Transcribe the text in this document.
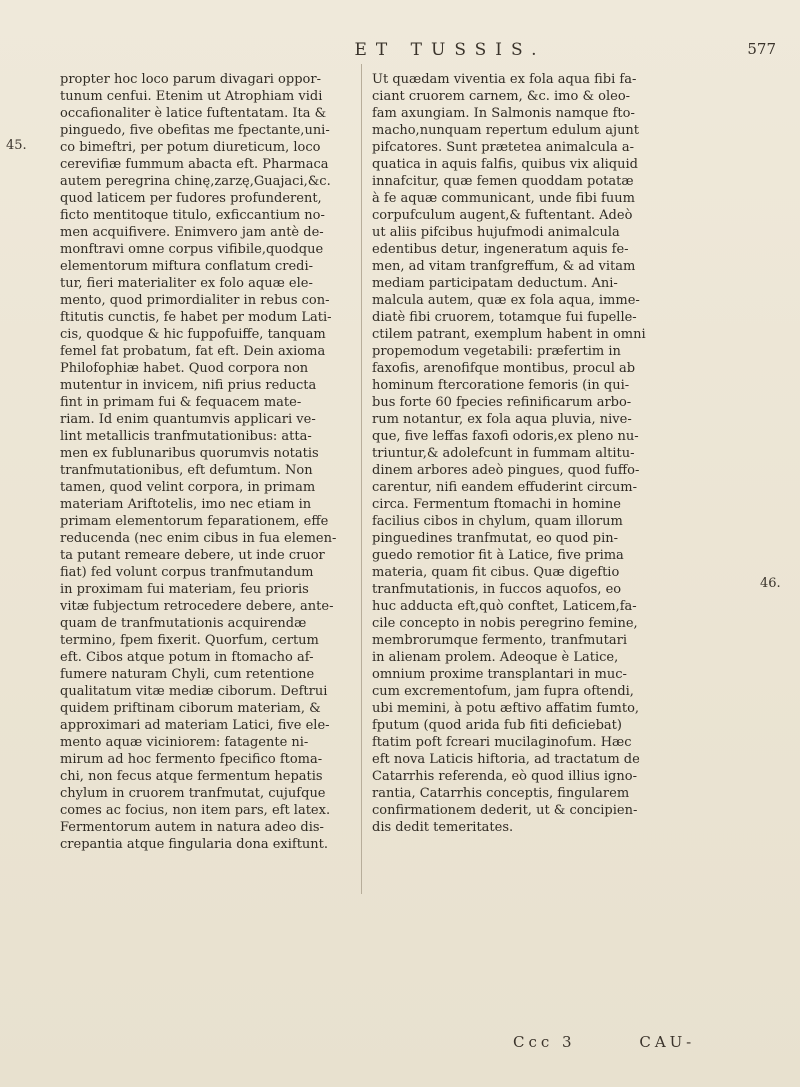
ET TUSSIS.	577
45.
46.

propter hoc loco parum divagari oppor-

tunum cenfui. Etenim ut Atrophiam vidi

occafionaliter è latice fuftentatam. Ita &

pinguedo, five obefitas me fpectante,uni-

co bimeftri, per potum diureticum, loco

cerevifiæ fummum abacta eft. Pharmaca

autem peregrina chinę,zarzę,Guajaci,&c.

quod laticem per fudores profunderent,

ficto mentitoque titulo, exficcantium no-

men acquifivere. Enimvero jam antè de-

monftravi omne corpus vifibile,quodque

elementorum miftura conflatum credi-

tur, fieri materialiter ex folo aquæ ele-

mento, quod primordialiter in rebus con-

ftitutis cunctis, fe habet per modum Lati-

cis, quodque & hic fuppofuiffe, tanquam

femel fat probatum, fat eft. Dein axioma

Philofophiæ habet. Quod corpora non

mutentur in invicem, nifi prius reducta

fint in primam fui & fequacem mate-

riam. Id enim quantumvis applicari ve-

lint metallicis tranfmutationibus: atta-

men ex fublunaribus quorumvis notatis

tranfmutationibus, eft defumtum. Non

tamen, quod velint corpora, in primam

materiam Ariftotelis, imo nec etiam in

primam elementorum feparationem, effe

reducenda (nec enim cibus in fua elemen-

ta putant remeare debere, ut inde cruor

fiat) fed volunt corpus tranfmutandum

in proximam fui materiam, feu prioris

vitæ fubjectum retrocedere debere, ante-

quam de tranfmutationis acquirendæ

termino, fpem fixerit. Quorfum, certum

eft. Cibos atque potum in ftomacho af-

fumere naturam Chyli, cum retentione

qualitatum vitæ mediæ ciborum. Deftrui

quidem priftinam ciborum materiam, &

approximari ad materiam Latici, five ele-

mento aquæ viciniorem: fatagente ni-

mirum ad hoc fermento fpecifico ftoma-

chi, non fecus atque fermentum hepatis

chylum in cruorem tranfmutat, cujufque

comes ac focius, non item pars, eft latex.

Fermentorum autem in natura adeo dis-

crepantia atque fingularia dona exiftunt.

Ut quædam viventia ex fola aqua fibi fa-

ciant cruorem carnem, &c. imo & oleo-

fam axungiam. In Salmonis namque fto-

macho,nunquam repertum edulum ajunt

pifcatores. Sunt prætetea animalcula a-

quatica in aquis falfis, quibus vix aliquid

innafcitur, quæ femen quoddam potatæ

à fe aquæ communicant, unde fibi fuum

corpufculum augent,& fuftentant. Adeò

ut aliis pifcibus hujufmodi animalcula

edentibus detur, ingeneratum aquis fe-

men, ad vitam tranfgreffum, & ad vitam

mediam participatam deductum. Ani-

malcula autem, quæ ex fola aqua, imme-

diatè fibi cruorem, totamque fui fupelle-

ctilem patrant, exemplum habent in omni

propemodum vegetabili: præfertim in

faxofis, arenofifque montibus, procul ab

hominum ftercoratione femoris (in qui-

bus forte 60 fpecies refinificarum arbo-

rum notantur, ex fola aqua pluvia, nive-

que, five leffas faxofi odoris,ex pleno nu-

triuntur,& adolefcunt in fummam altitu-

dinem arbores adeò pingues, quod fuffo-

carentur, nifi eandem effuderint circum-

circa. Fermentum ftomachi in homine

facilius cibos in chylum, quam illorum

pinguedines tranfmutat, eo quod pin-

guedo remotior fit à Latice, five prima

materia, quam fit cibus. Quæ digeftio

tranfmutationis, in fuccos aquofos, eo

huc adducta eft,quò conftet, Laticem,fa-

cile concepto in nobis peregrino femine,

membrorumque fermento, tranfmutari

in alienam prolem. Adeoque è Latice,

omnium proxime transplantari in muc-

cum excrementofum, jam fupra oftendi,

ubi memini, à potu æftivo affatim fumto,

fputum (quod arida fub fiti deficiebat)

ftatim poft fcreari mucilaginofum. Hæc

eft nova Laticis hiftoria, ad tractatum de

Catarrhis referenda, eò quod illius igno-

rantia, Catarrhis conceptis, fingularem

confirmationem dederit, ut & concipien-

dis dedit temeritates.

Ccc 3	CAU-
